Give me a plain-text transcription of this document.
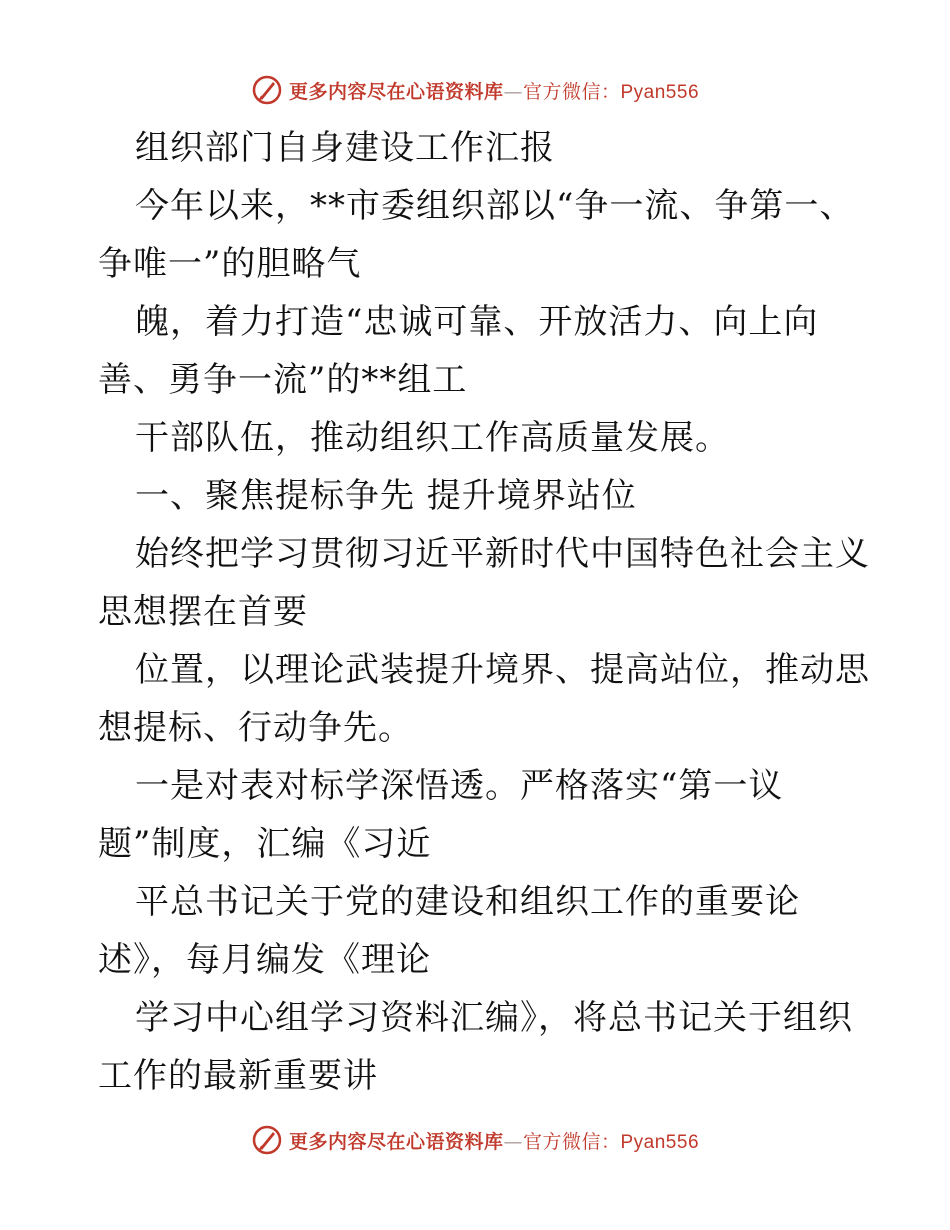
更多内容尽在心语资料库—官方微信：Pyan556
组织部门自身建设工作汇报
今年以来，**市委组织部以“争一流、争第一、
争唯一”的胆略气
魄，着力打造“忠诚可靠、开放活力、向上向
善、勇争一流”的**组工
干部队伍，推动组织工作高质量发展。
一、聚焦提标争先 提升境界站位
始终把学习贯彻习近平新时代中国特色社会主义
思想摆在首要
位置，以理论武装提升境界、提高站位，推动思
想提标、行动争先。
一是对表对标学深悟透。严格落实“第一议
题”制度，汇编《习近
平总书记关于党的建设和组织工作的重要论
述》，每月编发《理论
学习中心组学习资料汇编》，将总书记关于组织
工作的最新重要讲
更多内容尽在心语资料库—官方微信：Pyan556
